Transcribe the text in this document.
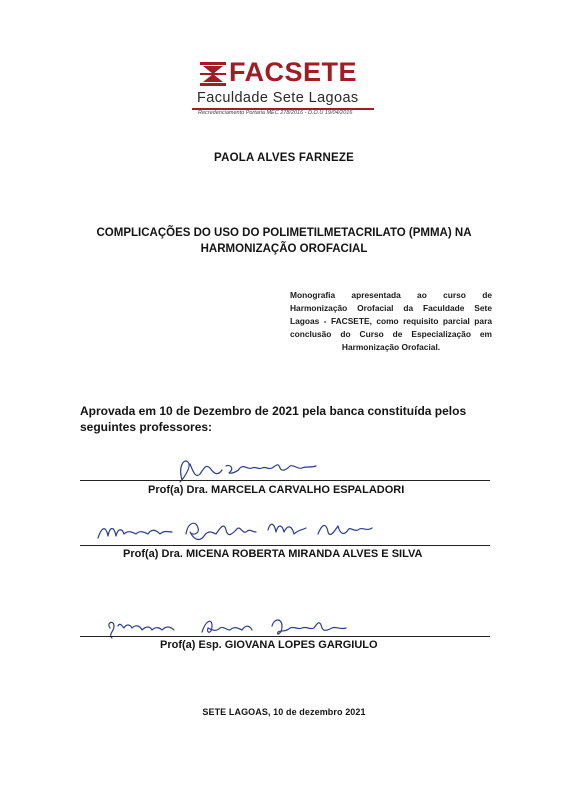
FACSETE
Faculdade Sete Lagoas
Recredenciamento Portaria MEC 278/2016 - D.O.U 19/04/2016
PAOLA ALVES FARNEZE
COMPLICAÇÕES DO USO DO POLIMETILMETACRILATO (PMMA) NA HARMONIZAÇÃO OROFACIAL
Monografia apresentada ao curso de Harmonização Orofacial da Faculdade Sete Lagoas - FACSETE, como requisito parcial para conclusão do Curso de Especialização em Harmonização Orofacial.
Aprovada em 10 de Dezembro de 2021 pela banca constituída pelos seguintes professores:
Prof(a) Dra. MARCELA CARVALHO ESPALADORI
Prof(a) Dra. MICENA ROBERTA MIRANDA ALVES E SILVA
Prof(a) Esp. GIOVANA LOPES GARGIULO
SETE LAGOAS, 10 de dezembro 2021
